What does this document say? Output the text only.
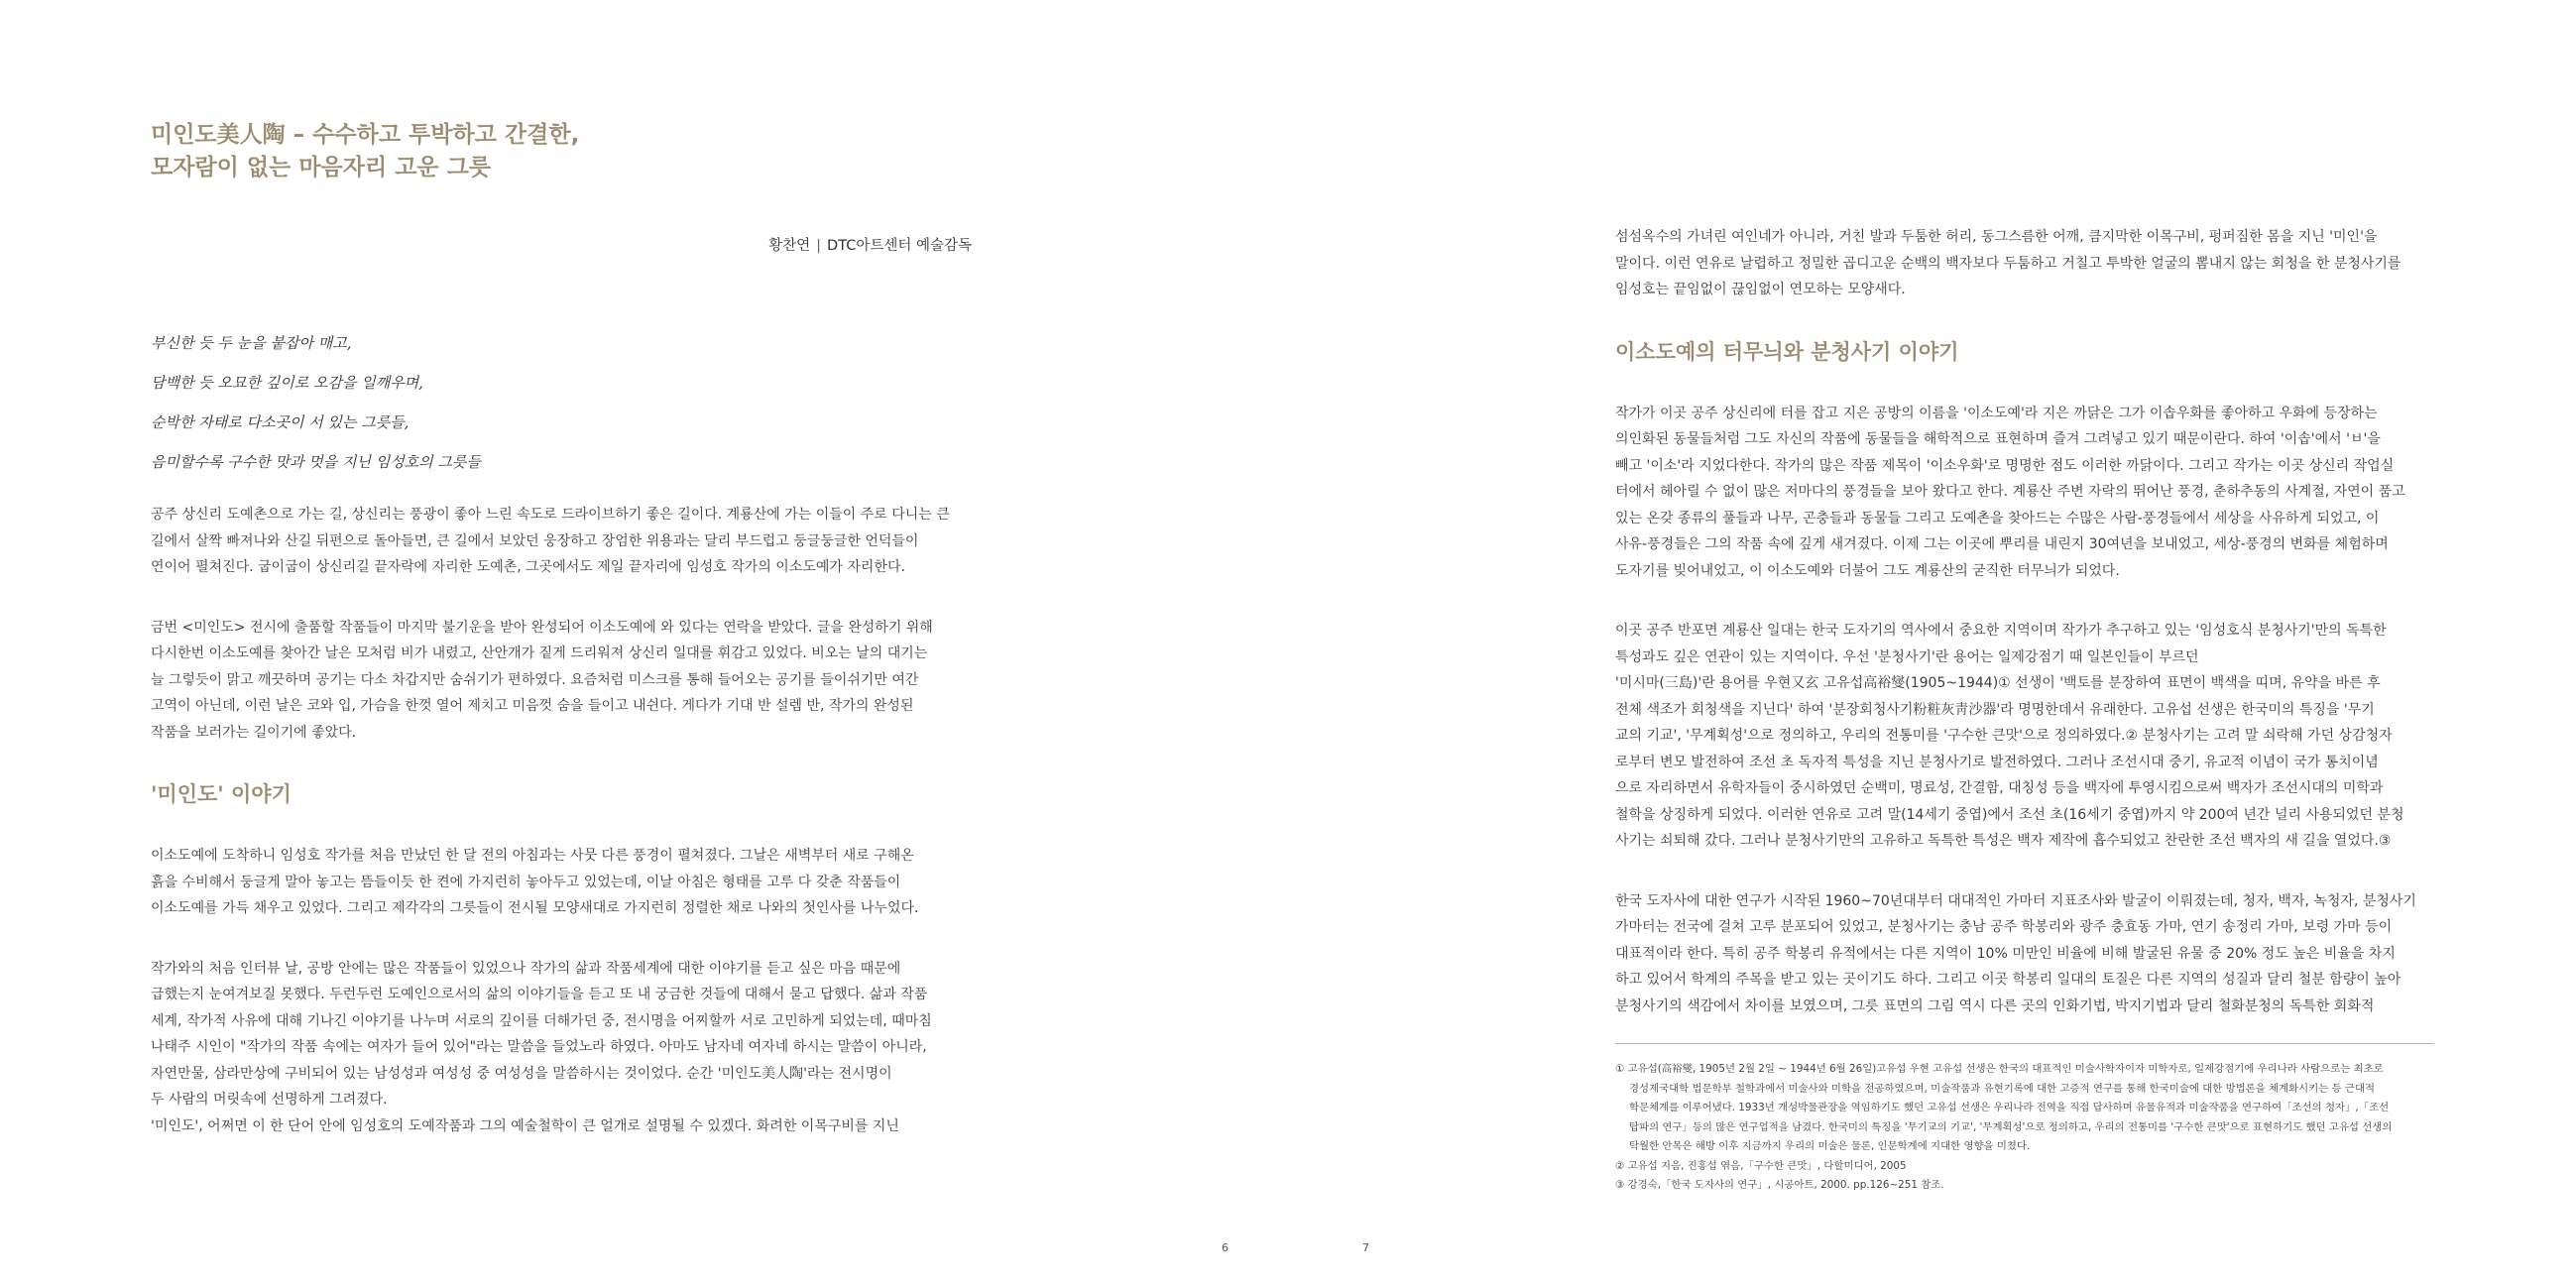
미인도美人陶 – 수수하고 투박하고 간결한,
모자람이 없는 마음자리 고운 그릇
황찬연 | DTC아트센터 예술감독
부신한 듯 두 눈을 붙잡아 매고,
담백한 듯 오묘한 깊이로 오감을 일깨우며,
순박한 자태로 다소곳이 서 있는 그릇들,
음미할수록 구수한 맛과 멋을 지닌 임성호의 그릇들

공주 상신리 도예촌으로 가는 길, 상신리는 풍광이 좋아 느린 속도로 드라이브하기 좋은 길이다. 계룡산에 가는 이들이 주로 다니는 큰
길에서 살짝 빠져나와 산길 뒤편으로 돌아들면, 큰 길에서 보았던 웅장하고 장엄한 위용과는 달리 부드럽고 둥글둥글한 언덕들이
연이어 펼쳐진다. 굽이굽이 상신리길 끝자락에 자리한 도예촌, 그곳에서도 제일 끝자리에 임성호 작가의 이소도예가 자리한다.

금번 <미인도> 전시에 출품할 작품들이 마지막 불기운을 받아 완성되어 이소도예에 와 있다는 연락을 받았다. 글을 완성하기 위해
다시한번 이소도예를 찾아간 날은 모처럼 비가 내렸고, 산안개가 짙게 드리워져 상신리 일대를 휘감고 있었다. 비오는 날의 대기는
늘 그렇듯이 맑고 깨끗하며 공기는 다소 차갑지만 숨쉬기가 편하였다. 요즘처럼 미스크를 통해 들어오는 공기를 들이쉬기만 여간
고역이 아닌데, 이런 날은 코와 입, 가슴을 한껏 열어 제치고 미음껏 숨을 들이고 내쉰다. 게다가 기대 반 설렘 반, 작가의 완성된
작품을 보러가는 길이기에 좋았다.

'미인도' 이야기

이소도예에 도착하니 임성호 작가를 처음 만났던 한 달 전의 아침과는 사뭇 다른 풍경이 펼쳐졌다. 그날은 새벽부터 새로 구해온
흙을 수비해서 둥글게 말아 놓고는 뜸들이듯 한 켠에 가지런히 놓아두고 있었는데, 이날 아침은 형태를 고루 다 갖춘 작품들이
이소도예를 가득 채우고 있었다. 그리고 제각각의 그릇들이 전시될 모양새대로 가지런히 정렬한 채로 나와의 첫인사를 나누었다.

작가와의 처음 인터뷰 날, 공방 안에는 많은 작품들이 있었으나 작가의 삶과 작품세계에 대한 이야기를 듣고 싶은 마음 때문에
급했는지 눈여겨보질 못했다. 두런두런 도예인으로서의 삶의 이야기들을 듣고 또 내 궁금한 것들에 대해서 묻고 답했다. 삶과 작품
세계, 작가적 사유에 대해 기나긴 이야기를 나누며 서로의 깊이를 더해가던 중, 전시명을 어찌할까 서로 고민하게 되었는데, 때마침
나태주 시인이 "작가의 작품 속에는 여자가 들어 있어"라는 말씀을 들었노라 하였다. 아마도 남자네 여자네 하시는 말씀이 아니라,
자연만물, 삼라만상에 구비되어 있는 남성성과 여성성 중 여성성을 말씀하시는 것이었다. 순간 '미인도美人陶'라는 전시명이
두 사람의 머릿속에 선명하게 그려졌다.

'미인도', 어쩌면 이 한 단어 안에 임성호의 도예작품과 그의 예술철학이 큰 얼개로 설명될 수 있겠다. 화려한 이목구비를 지닌

6

섬섬옥수의 가녀린 여인네가 아니라, 거친 발과 두툼한 허리, 동그스름한 어깨, 큼지막한 이목구비, 펑퍼짐한 몸을 지닌 '미인'을
말이다. 이런 연유로 날렵하고 정밀한 곱디고운 순백의 백자보다 두툼하고 거칠고 투박한 얼굴의 뽐내지 않는 회청을 한 분청사기를
임성호는 끝임없이 끊임없이 연모하는 모양새다.

이소도예의 터무늬와 분청사기 이야기

작가가 이곳 공주 상신리에 터를 잡고 지은 공방의 이름을 '이소도예'라 지은 까닭은 그가 이솝우화를 좋아하고 우화에 등장하는
의인화된 동물들처럼 그도 자신의 작품에 동물들을 해학적으로 표현하며 즐겨 그려넣고 있기 때문이란다. 하여 '이솝'에서 'ㅂ'을
빼고 '이소'라 지었다한다. 작가의 많은 작품 제목이 '이소우화'로 명명한 점도 이러한 까닭이다. 그리고 작가는 이곳 상신리 작업실
터에서 헤아릴 수 없이 많은 저마다의 풍경들을 보아 왔다고 한다. 계룡산 주변 자락의 뛰어난 풍경, 춘하추동의 사계절, 자연이 품고
있는 온갖 종류의 풀들과 나무, 곤충들과 동물들 그리고 도예촌을 찾아드는 수많은 사람-풍경들에서 세상을 사유하게 되었고, 이
사유-풍경들은 그의 작품 속에 깊게 새겨졌다. 이제 그는 이곳에 뿌리를 내린지 30여년을 보내었고, 세상-풍경의 변화를 체험하며
도자기를 빚어내었고, 이 이소도예와 더불어 그도 계룡산의 굳직한 터무늬가 되었다.

이곳 공주 반포면 계룡산 일대는 한국 도자기의 역사에서 중요한 지역이며 작가가 추구하고 있는 '임성호식 분청사기'만의 독특한
특성과도 깊은 연관이 있는 지역이다. 우선 '분청사기'란 용어는 일제강점기 때 일본인들이 부르던
'미시마(三島)'란 용어를 우현又玄 고유섭高裕燮(1905~1944)① 선생이 '백토를 분장하여 표면이 백색을 띠며, 유약을 바른 후
전체 색조가 회청색을 지닌다' 하여 '분장회청사기粉粧灰靑沙器'라 명명한데서 유래한다. 고유섭 선생은 한국미의 특징을 '무기
교의 기교', '무계획성'으로 정의하고, 우리의 전통미를 '구수한 큰맛'으로 정의하였다.② 분청사기는 고려 말 쇠락해 가던 상감청자
로부터 변모 발전하여 조선 초 독자적 특성을 지닌 분청사기로 발전하였다. 그러나 조선시대 중기, 유교적 이념이 국가 통치이념
으로 자리하면서 유학자들이 중시하였던 순백미, 명료성, 간결함, 대칭성 등을 백자에 투영시킴으로써 백자가 조선시대의 미학과
철학을 상징하게 되었다. 이러한 연유로 고려 말(14세기 중엽)에서 조선 초(16세기 중엽)까지 약 200여 년간 널리 사용되었던 분청
사기는 쇠퇴해 갔다. 그러나 분청사기만의 고유하고 독특한 특성은 백자 제작에 흡수되었고 찬란한 조선 백자의 새 길을 열었다.③

한국 도자사에 대한 연구가 시작된 1960~70년대부터 대대적인 가마터 지표조사와 발굴이 이뤄졌는데, 청자, 백자, 녹청자, 분청사기
가마터는 전국에 걸쳐 고루 분포되어 있었고, 분청사기는 충남 공주 학봉리와 광주 충효동 가마, 연기 송정리 가마, 보령 가마 등이
대표적이라 한다. 특히 공주 학봉리 유적에서는 다른 지역이 10% 미만인 비율에 비해 발굴된 유물 중 20% 정도 높은 비율을 차지
하고 있어서 학계의 주목을 받고 있는 곳이기도 하다. 그리고 이곳 학봉리 일대의 토질은 다른 지역의 성질과 달리 철분 함량이 높아
분청사기의 색감에서 차이를 보였으며, 그릇 표면의 그림 역시 다른 곳의 인화기법, 박지기법과 달리 철화분청의 독특한 회화적

① 고유섭(高裕燮, 1905년 2월 2일 ~ 1944년 6월 26일)고유섭 우현 고유섭 선생은 한국의 대표적인 미술사학자이자 미학자로, 일제강점기에 우리나라 사람으로는 최초로
경성제국대학 법문학부 철학과에서 미술사와 미학을 전공하였으며, 미술작품과 유현기록에 대한 고증적 연구를 통해 한국미술에 대한 방법론을 체계화시키는 등 근대적
학문체계를 이루어냈다. 1933년 개성박물관장을 역임하기도 했던 고유섭 선생은 우리나라 전역을 직접 답사하며 유물유적과 미술작품을 연구하여「조선의 청자」,「조선
탑파의 연구」등의 많은 연구업적을 남겼다. 한국미의 특징을 '무기교의 기교', '무계획성'으로 정의하고, 우리의 전통미를 '구수한 큰맛'으로 표현하기도 했던 고유섭 선생의
탁월한 안목은 해방 이후 지금까지 우리의 미술은 물론, 인문학계에 지대한 영향을 미쳤다.
② 고유섭 지음, 진홍섭 엮음,「구수한 큰맛」, 다할미디어, 2005
③ 강경숙,「한국 도자사의 연구」, 시공아트, 2000. pp.126~251 참조.
7
